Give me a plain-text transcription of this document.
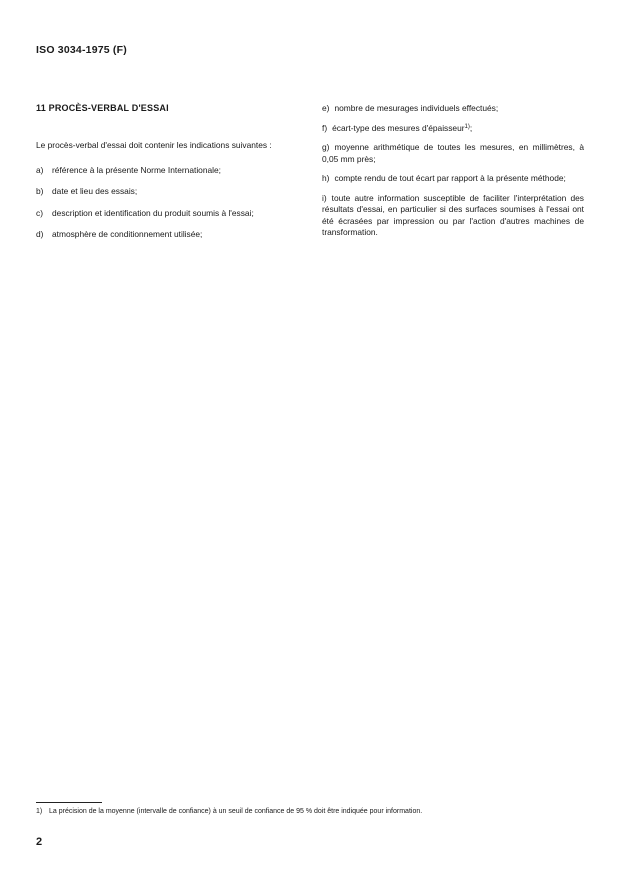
ISO 3034-1975 (F)
11 PROCÈS-VERBAL D'ESSAI
Le procès-verbal d'essai doit contenir les indications suivantes :
a)	référence à la présente Norme Internationale;
b)	date et lieu des essais;
c)	description et identification du produit soumis à l'essai;
d)	atmosphère de conditionnement utilisée;
e) nombre de mesurages individuels effectués;
f) écart-type des mesures d'épaisseur$^{1)}$;
g) moyenne arithmétique de toutes les mesures, en millimètres, à 0,05 mm près;
h) compte rendu de tout écart par rapport à la présente méthode;
i) toute autre information susceptible de faciliter l'interprétation des résultats d'essai, en particulier si des surfaces soumises à l'essai ont été écrasées par impression ou par l'action d'autres machines de transformation.
1) La précision de la moyenne (intervalle de confiance) à un seuil de confiance de 95 % doit être indiquée pour information.
2
